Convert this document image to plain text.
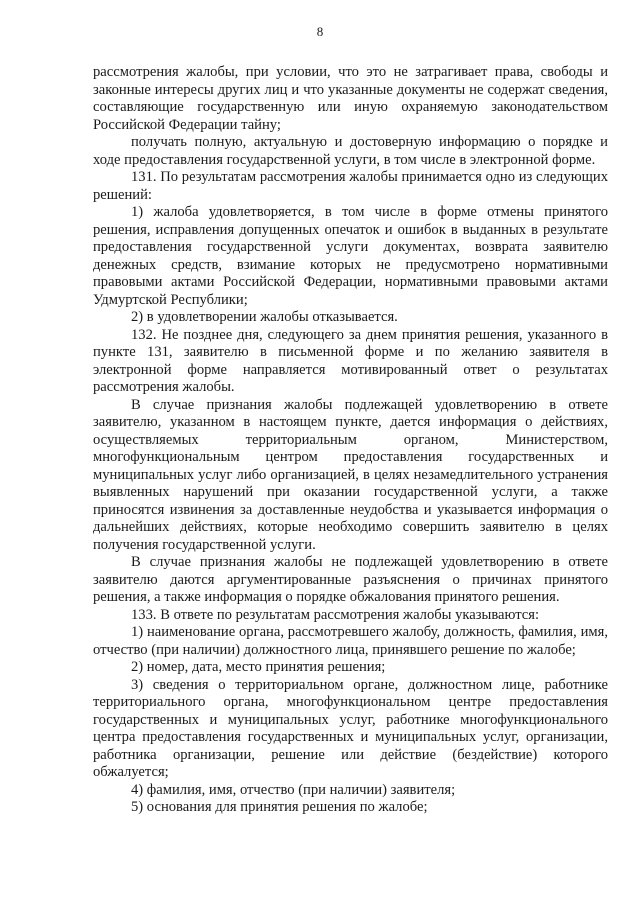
8

рассмотрения жалобы, при условии, что это не затрагивает права, свободы и законные интересы других лиц и что указанные документы не содержат сведения, составляющие государственную или иную охраняемую законодательством Российской Федерации тайну;

получать полную, актуальную и достоверную информацию о порядке и ходе предоставления государственной услуги, в том числе в электронной форме.

131. По результатам рассмотрения жалобы принимается одно из следующих решений:

1) жалоба удовлетворяется, в том числе в форме отмены принятого решения, исправления допущенных опечаток и ошибок в выданных в результате предоставления государственной услуги документах, возврата заявителю денежных средств, взимание которых не предусмотрено нормативными правовыми актами Российской Федерации, нормативными правовыми актами Удмуртской Республики;

2) в удовлетворении жалобы отказывается.

132. Не позднее дня, следующего за днем принятия решения, указанного в пункте 131, заявителю в письменной форме и по желанию заявителя в электронной форме направляется мотивированный ответ о результатах рассмотрения жалобы.

В случае признания жалобы подлежащей удовлетворению в ответе заявителю, указанном в настоящем пункте, дается информация о действиях, осуществляемых территориальным органом, Министерством, многофункциональным центром предоставления государственных и муниципальных услуг либо организацией, в целях незамедлительного устранения выявленных нарушений при оказании государственной услуги, а также приносятся извинения за доставленные неудобства и указывается информация о дальнейших действиях, которые необходимо совершить заявителю в целях получения государственной услуги.

В случае признания жалобы не подлежащей удовлетворению в ответе заявителю даются аргументированные разъяснения о причинах принятого решения, а также информация о порядке обжалования принятого решения.

133. В ответе по результатам рассмотрения жалобы указываются:

1) наименование органа, рассмотревшего жалобу, должность, фамилия, имя, отчество (при наличии) должностного лица, принявшего решение по жалобе;

2) номер, дата, место принятия решения;

3) сведения о территориальном органе, должностном лице, работнике территориального органа, многофункциональном центре предоставления государственных и муниципальных услуг, работнике многофункционального центра предоставления государственных и муниципальных услуг, организации, работника организации, решение или действие (бездействие) которого обжалуется;

4) фамилия, имя, отчество (при наличии) заявителя;

5) основания для принятия решения по жалобе;
